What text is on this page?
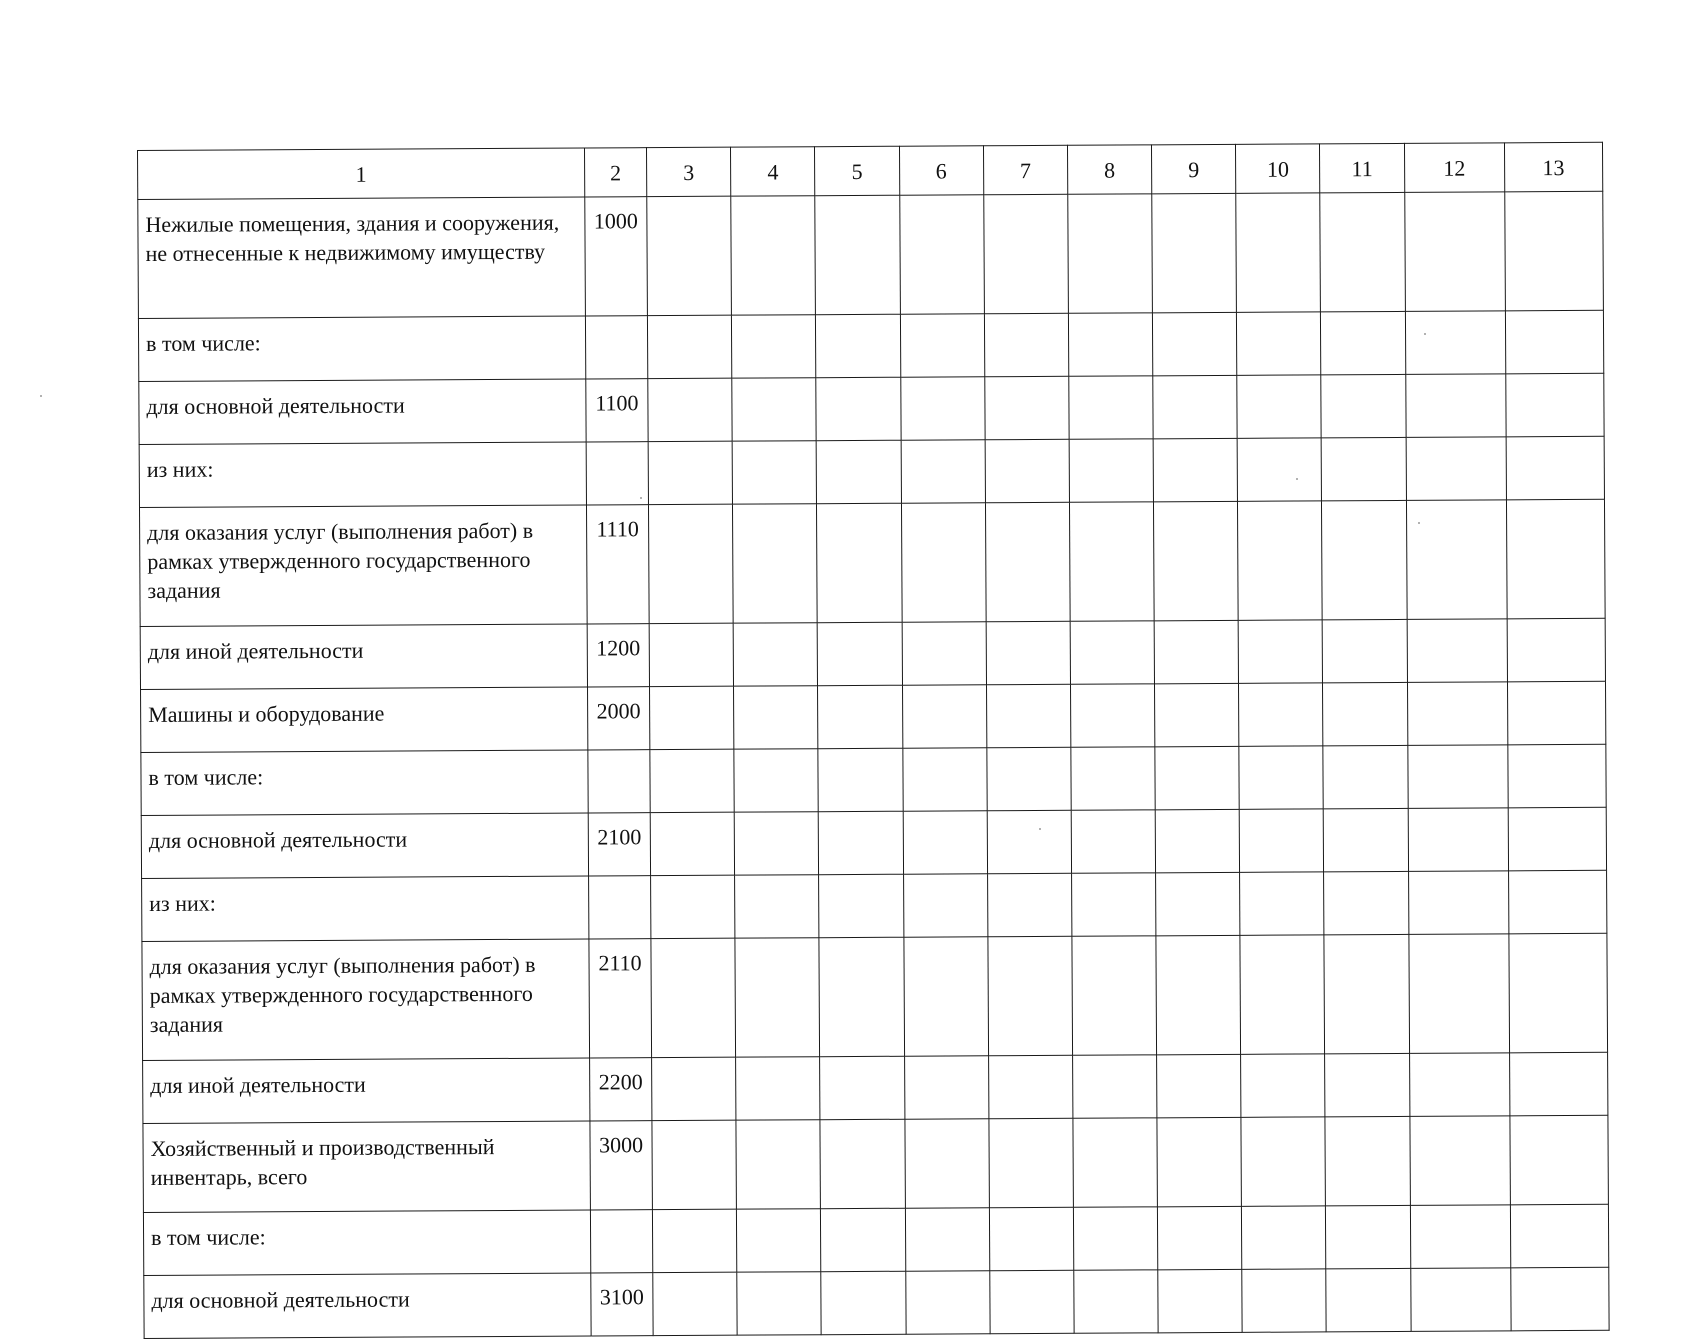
1	2	3	4	5	6	7	8	9	10	11	12	13
Нежилые помещения, здания и сооружения, не отнесенные к недвижимому имуществу	1000											
в том числе:												
для основной деятельности	1100											
из них:												
для оказания услуг (выполнения работ) в рамках утвержденного государственного задания	1110											
для иной деятельности	1200											
Машины и оборудование	2000											
в том числе:												
для основной деятельности	2100											
из них:												
для оказания услуг (выполнения работ) в рамках утвержденного государственного задания	2110											
для иной деятельности	2200											
Хозяйственный и производственный инвентарь, всего	3000											
в том числе:												
для основной деятельности	3100											
